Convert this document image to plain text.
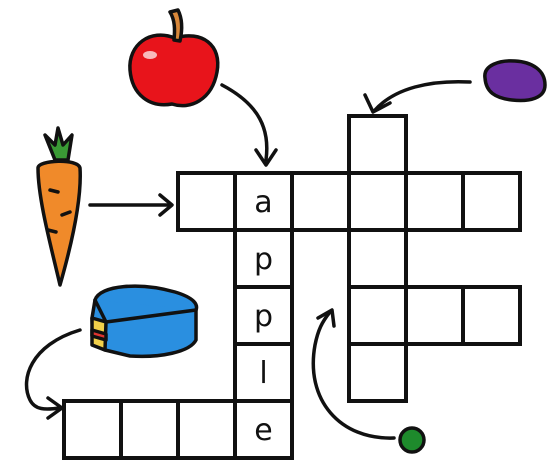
a
p
p
l
e
